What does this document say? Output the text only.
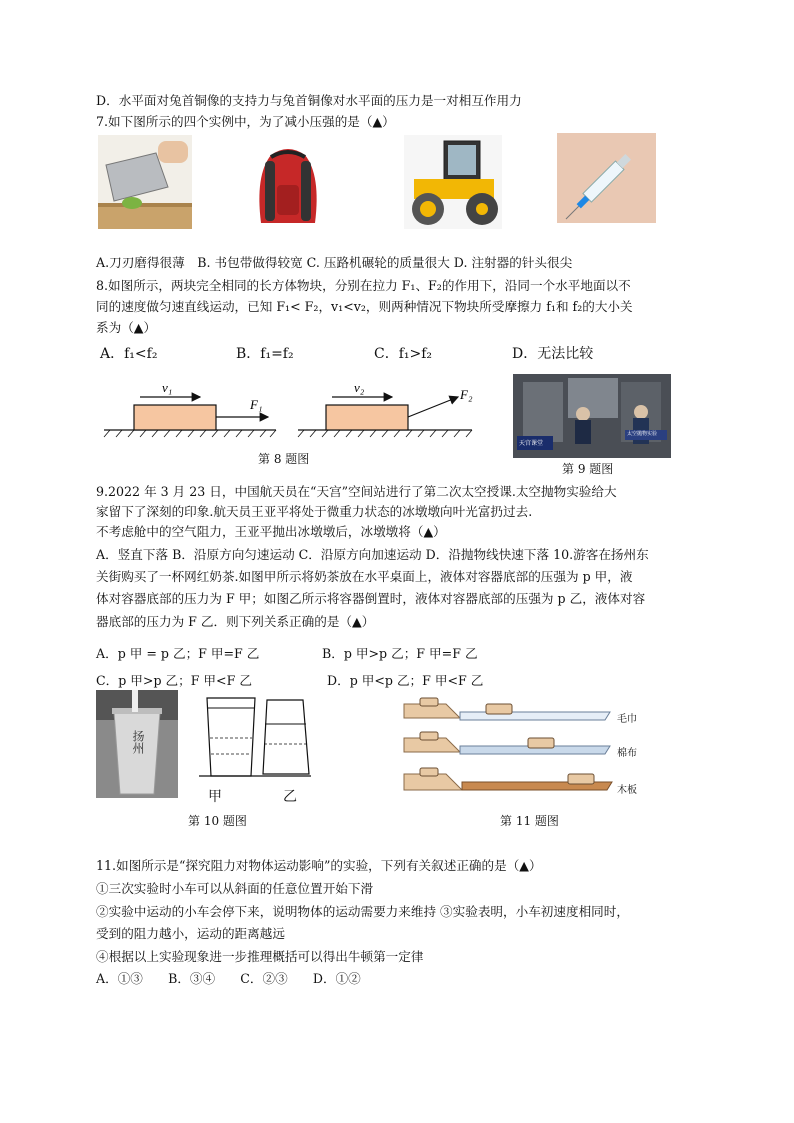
D．水平面对兔首铜像的支持力与兔首铜像对水平面的压力是一对相互作用力
7.如下图所示的四个实例中，为了减小压强的是（▲）
A.刀刃磨得很薄　B. 书包带做得较宽 C. 压路机碾轮的质量很大 D. 注射器的针头很尖
8.如图所示，两块完全相同的长方体物块，分别在拉力 F₁、F₂的作用下，沿同一个水平地面以不
同的速度做匀速直线运动，已知 F₁< F₂，v₁<v₂，则两种情况下物块所受摩擦力 f₁和 f₂的大小关
系为（▲）
A．f₁<f₂	B．f₁=f₂	C．f₁>f₂	D．无法比较
v₁
F₁
v₂	F₂
第 8 题图
天宫课堂
太空抛物实验
第 9 题图
9.2022 年 3 月 23 日，中国航天员在“天宫”空间站进行了第二次太空授课.太空抛物实验给大
家留下了深刻的印象.航天员王亚平将处于微重力状态的冰墩墩向叶光富扔过去.
不考虑舱中的空气阻力，王亚平抛出冰墩墩后，冰墩墩将（▲）
A．竖直下落 B．沿原方向匀速运动 C．沿原方向加速运动 D．沿抛物线快速下落 10.游客在扬州东
关街购买了一杯网红奶茶.如图甲所示将奶茶放在水平桌面上，液体对容器底部的压强为 p 甲，液
体对容器底部的压力为 F 甲；如图乙所示将容器倒置时，液体对容器底部的压强为 p 乙，液体对容
器底部的压力为 F 乙．则下列关系正确的是（▲）
A．p 甲 = p 乙；F 甲=F 乙	B．p 甲>p 乙；F 甲=F 乙
C．p 甲>p 乙；F 甲<F 乙	D．p 甲<p 乙；F 甲<F 乙
扬州
甲	乙
第 10 题图
毛巾
棉布
木板
第 11 题图
11.如图所示是“探究阻力对物体运动影响”的实验，下列有关叙述正确的是（▲）
①三次实验时小车可以从斜面的任意位置开始下滑
②实验中运动的小车会停下来，说明物体的运动需要力来维持 ③实验表明，小车初速度相同时，
受到的阻力越小，运动的距离越远
④根据以上实验现象进一步推理概括可以得出牛顿第一定律
A．①③　　B．③④　　C．②③　　D．①②
